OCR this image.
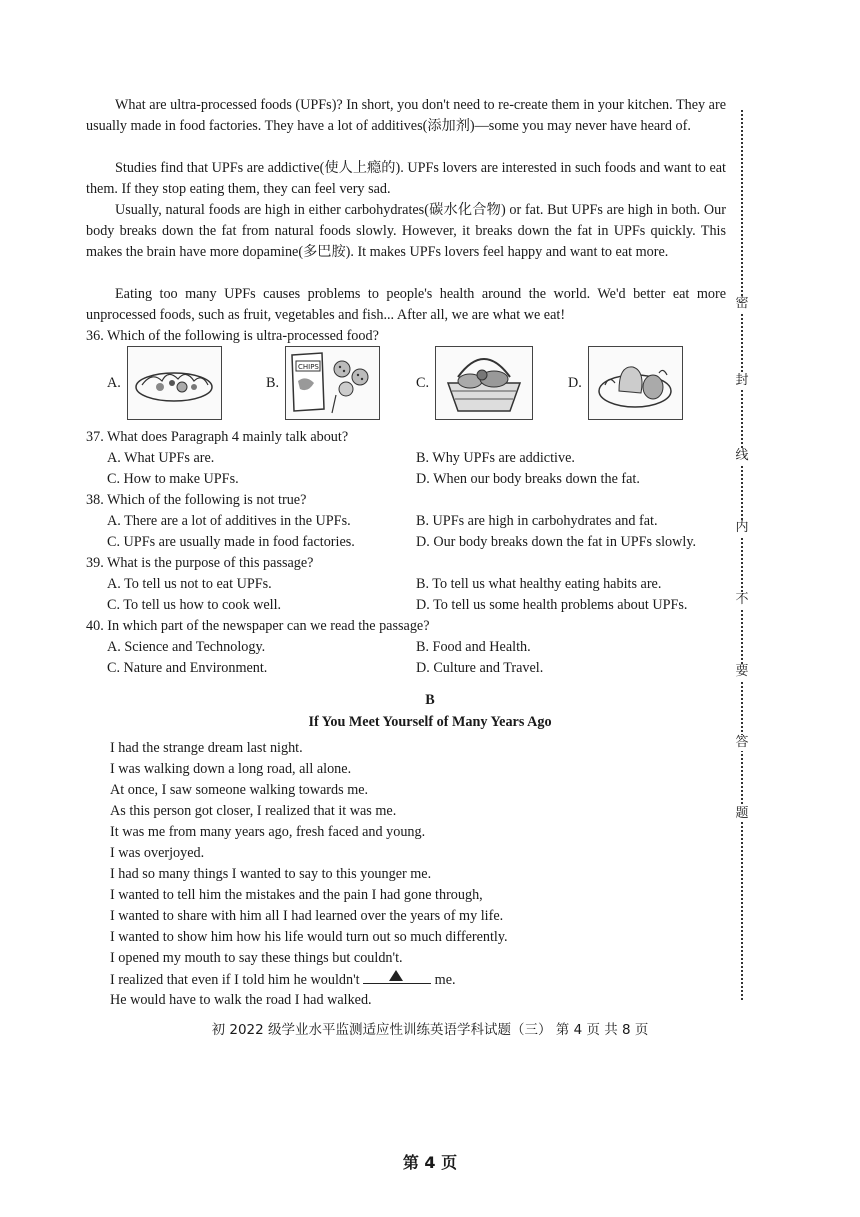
What are ultra-processed foods (UPFs)? In short, you don't need to re-create them in your kitchen. They are usually made in food factories. They have a lot of additives(添加剂)—some you may never have heard of.

Studies find that UPFs are addictive(使人上瘾的). UPFs lovers are interested in such foods and want to eat them. If they stop eating them, they can feel very sad.

Usually, natural foods are high in either carbohydrates(碳水化合物) or fat. But UPFs are high in both. Our body breaks down the fat from natural foods slowly. However, it breaks down the fat in UPFs quickly. This makes the brain have more dopamine(多巴胺). It makes UPFs lovers feel happy and want to eat more.

Eating too many UPFs causes problems to people's health around the world. We'd better eat more unprocessed foods, such as fruit, vegetables and fish... After all, we are what we eat!

36. Which of the following is ultra-processed food?

A.	B.
CHIPS
C.	D.

37. What does Paragraph 4 mainly talk about?

A. What UPFs are.	B. Why UPFs are addictive.
C. How to make UPFs.	D. When our body breaks down the fat.

38. Which of the following is not true?

A. There are a lot of additives in the UPFs.	B. UPFs are high in carbohydrates and fat.
C. UPFs are usually made in food factories.	D. Our body breaks down the fat in UPFs slowly.

39. What is the purpose of this passage?

A. To tell us not to eat UPFs.	B. To tell us what healthy eating habits are.
C. To tell us how to cook well.	D. To tell us some health problems about UPFs.

40. In which part of the newspaper can we read the passage?

A. Science and Technology.	B. Food and Health.
C. Nature and Environment.	D. Culture and Travel.
B
If You Meet Yourself of Many Years Ago
I had the strange dream last night.
I was walking down a long road, all alone.
At once, I saw someone walking towards me.
As this person got closer, I realized that it was me.
It was me from many years ago, fresh faced and young.
I was overjoyed.
I had so many things I wanted to say to this younger me.
I wanted to tell him the mistakes and the pain I had gone through,
I wanted to share with him all I had learned over the years of my life.
I wanted to show him how his life would turn out so much differently.
I opened my mouth to say these things but couldn't.
I realized that even if I told him he wouldn't	me.
He would have to walk the road I had walked.
初 2022 级学业水平监测适应性训练英语学科试题（三） 第 4 页 共 8 页
第 4 页
密
封
线
内
不
要
答
题
